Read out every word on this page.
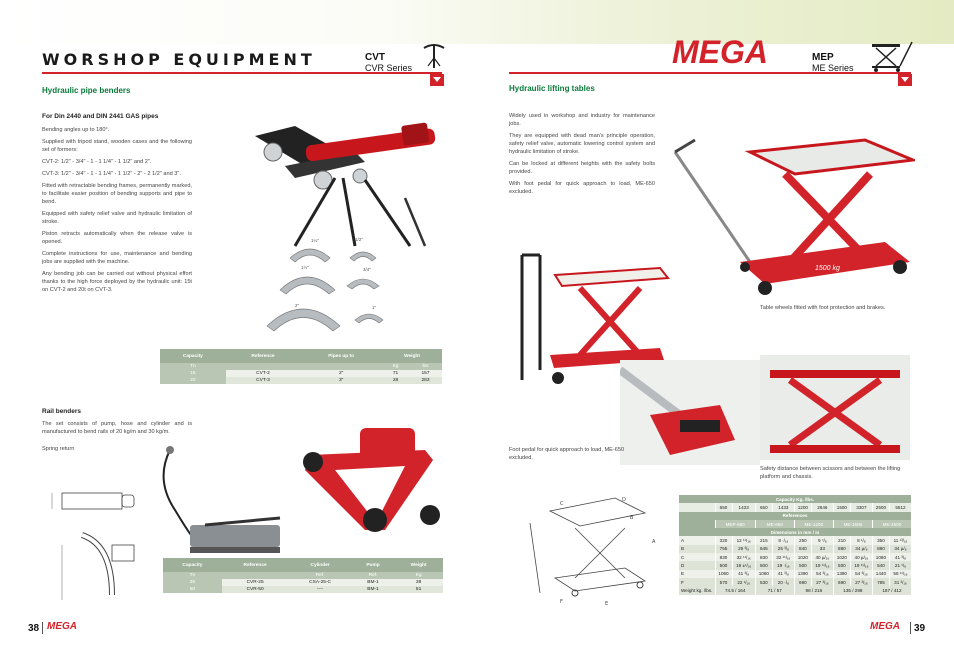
WORSHOP EQUIPMENT	CVT
CVR Series	MEGA	MEP
ME Series
Hydraulic pipe benders
For Din 2440 and DIN 2441 GAS pipes

Bending angles up to 180°.

Supplied with tripod stand, wooden cases and the following set of formers:

CVT-2: 1/2" - 3/4" - 1 - 1 1/4" - 1 1/2" and 2".

CVT-3: 1/2" - 3/4" - 1 - 1 1/4" - 1 1/2" - 2" - 2 1/2" and 3".

Fitted with retractable bending frames, permanently marked, to facilitate easier position of bending supports and pipe to bend.

Equipped with safety relief valve and hydraulic limitation of stroke.

Piston retracts automatically when the release valve is opened.

Complete instructions for use, maintenance and bending jobs are supplied with the machine.

Any bending job can be carried out without physical effort thanks to the high force deployed by the hydraulic unit: 15t on CVT-2 and 20t on CVT-3.

1¼"	1/2"
1½"	3/4"
2"	1"
Capacity	Reference	Pipes up to	Weight	
Tn			Kg	lbs
15	CVT-2	2"	71	157
20	CVT-3	3"	28	283
Rail benders
The set consists of pump, hose and cylinder and is manufactured to bend rails of 20 kg/m and 30 kg/m.
Spring return
Capacity	Reference	Cylinder	Pump	Weight
Tn		Ref.	Ref.	Kg
25	CVR-25	CSA-25-C	BM-1	38
50	CVR-50	----	BM-1	51
38 MEGA
Hydraulic lifting tables

Widely used in workshop and industry for maintenance jobs.

They are equipped with dead man's principle operation, safety relief valve, automatic lowering control system and hydraulic limitation of stroke.

Can be locked at different heights with the safety bolts provided.

With foot pedal for quick approach to load, ME-650 excluded.

1500 kg
Table wheels fitted with foot protection and brakes.
Foot pedal for quick approach to load, ME-650 excluded.
Safety distance between scissors and between the lifting platform and chassis.
C
D
A
E
F
B
Capacity Kg. /lbs.										
	650	1433	650	1433	1200	2646	1500	3307	2500	5512
References										
	MEP-650		ME-650		ME-1200		ME-1500		ME-2500	
Dimensions in mm / in										
A	320	12 ¹¹/₁₆	215	8 ·/₁₆	250	9 ⁷/₈	210	8 ¹/₈	350	11 ¹³/₁₆
B	755	29 ³/₈	645	25 ³/₈	840	33	880	34 µ/₈	880	34 µ/₈
C	830	32 ¹¹/₁₆	830	32 ¹¹/₁₆	1020	40 µ/₁₆	1020	40 µ/₁₆	1080	41 ³/₈
D	500	19 ±¹/₁₆	500	19 ·/₁₆	500	19 ¹¹/₁₆	500	19 ¹¹/₁₆	540	21 ¹/₈
E	1060	41 ³/₈	1060	41 ³/₈	1390	54 ³/₁₆	1390	54 ³/₁₆	1440	56 ¹¹/₁₆
F	570	22 ¹/₁₆	530	20 ·/₈	690	27 ³/₁₆	690	27 ³/₁₆	785	31 ³/₁₆
Weight kg. /lbs.	74.5 / 164		71 / 57		98 / 216		135 / 298		187 / 412	
MEGA 39
